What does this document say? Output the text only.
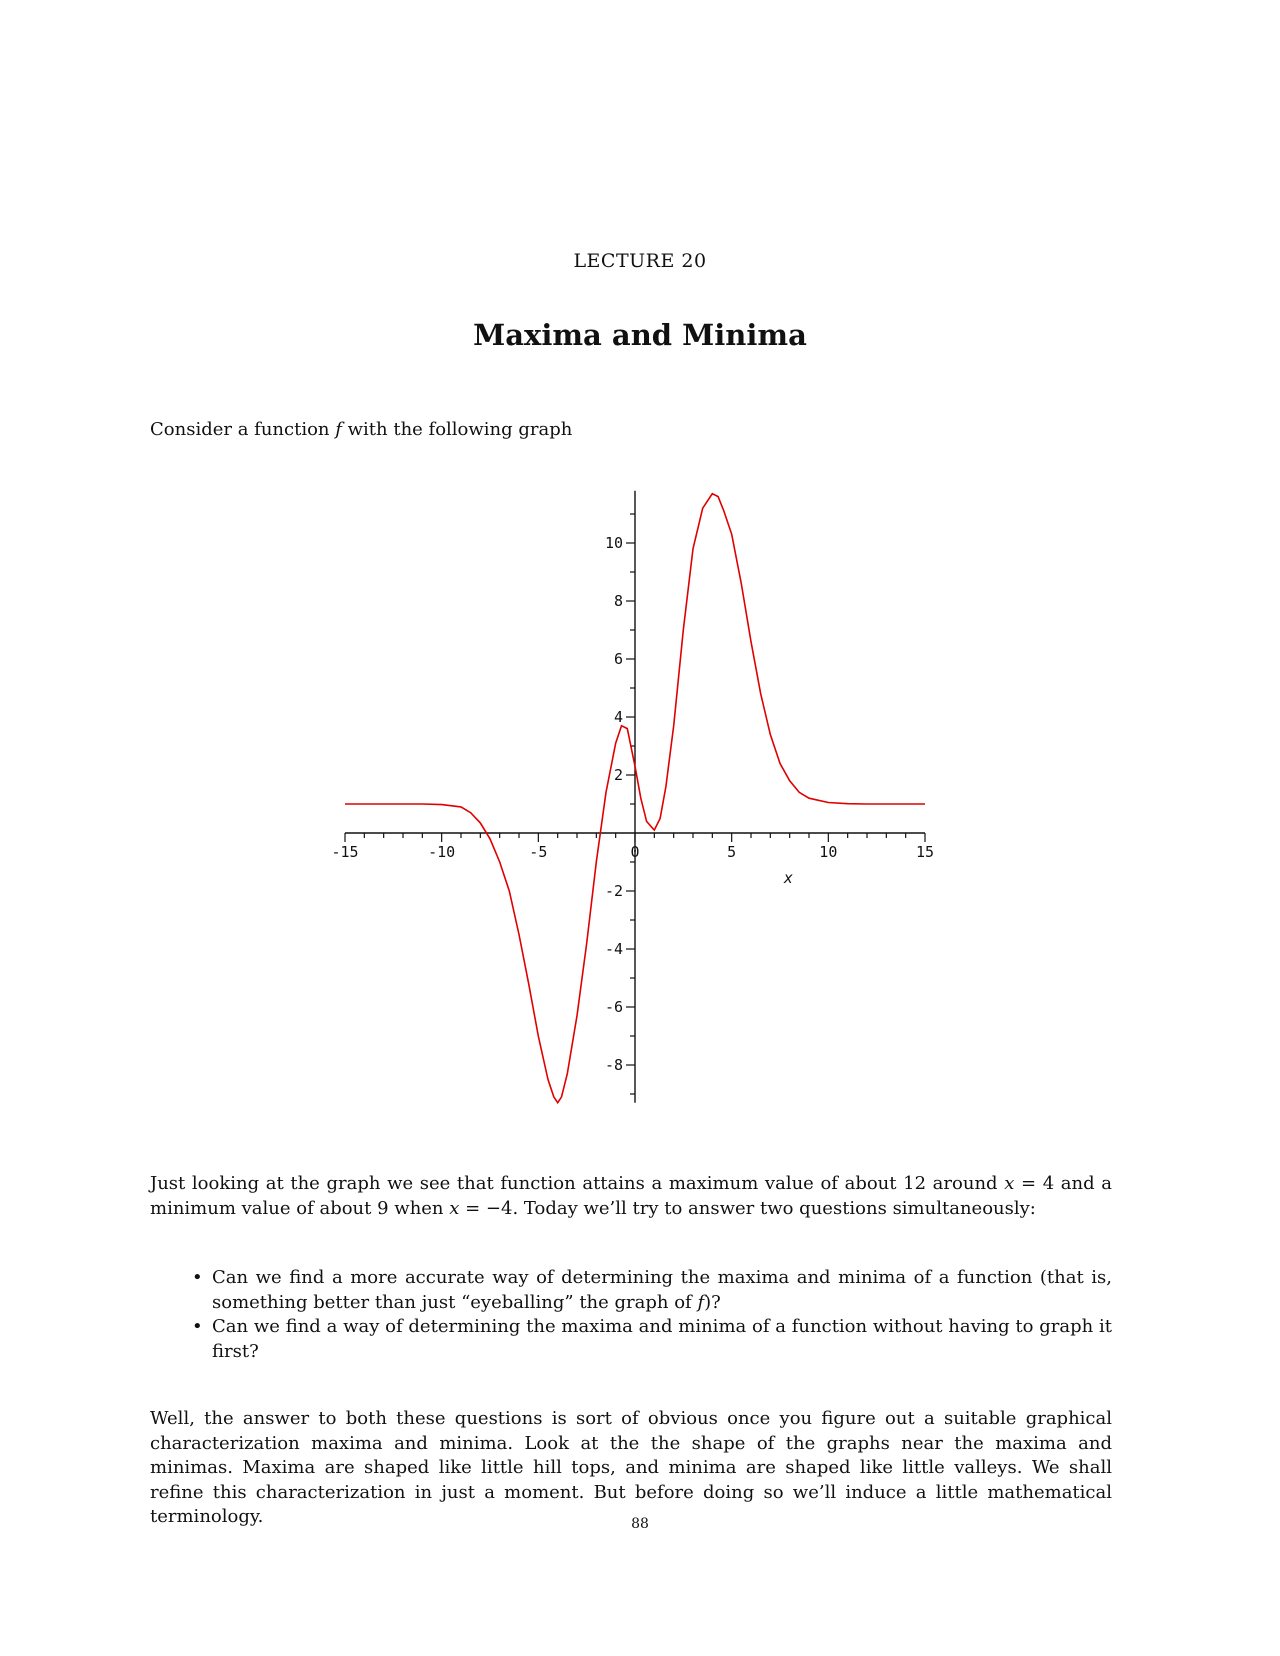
LECTURE 20
Maxima and Minima

Consider a function f with the following graph

-15	-10	-5	0	5	10	15
-8
-6
-4
-2
2
4
6
8
10
x

Just looking at the graph we see that function attains a maximum value of about 12 around x = 4 and a minimum value of about 9 when x = −4. Today we’ll try to answer two questions simultaneously:

• Can we find a more accurate way of determining the maxima and minima of a function (that is, something better than just “eyeballing” the graph of f)?
• Can we find a way of determining the maxima and minima of a function without having to graph it first?

Well, the answer to both these questions is sort of obvious once you figure out a suitable graphical characterization maxima and minima. Look at the the shape of the graphs near the maxima and minimas. Maxima are shaped like little hill tops, and minima are shaped like little valleys. We shall refine this characterization in just a moment. But before doing so we’ll induce a little mathematical terminology.	88
